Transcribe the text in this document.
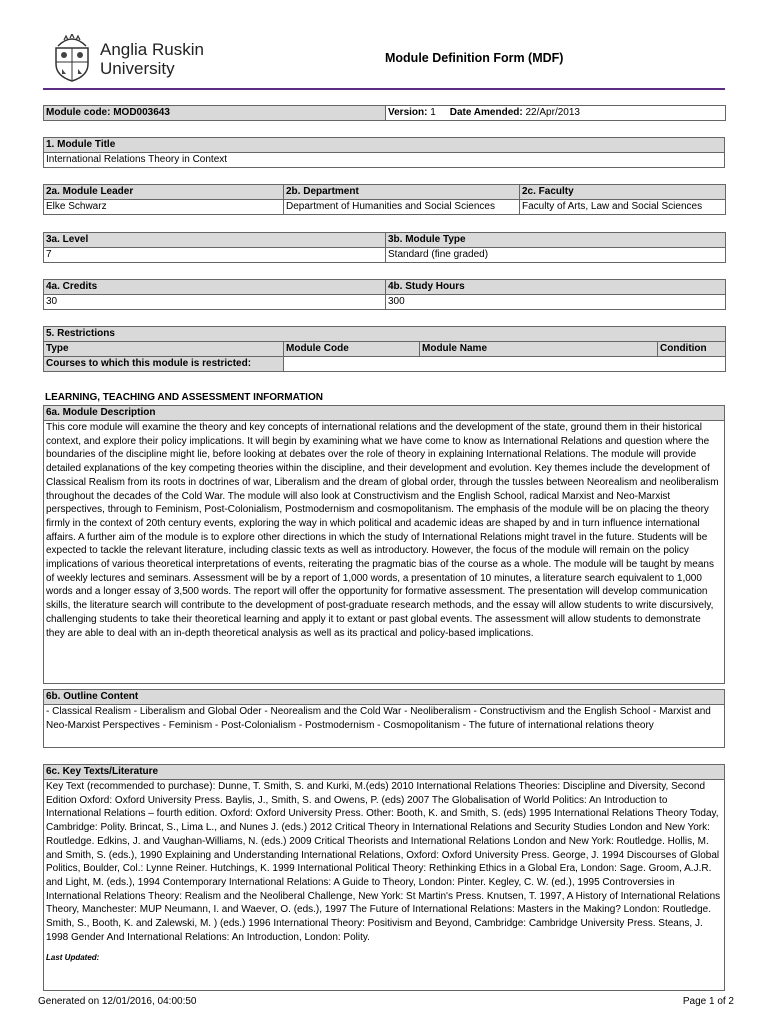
Anglia Ruskin
University
Module Definition Form (MDF)
Module code: MOD003643	Version: 1 Date Amended: 22/Apr/2013
1. Module Title
International Relations Theory in Context
2a. Module Leader	2b. Department	2c. Faculty
Elke Schwarz	Department of Humanities and Social Sciences	Faculty of Arts, Law and Social Sciences
3a. Level	3b. Module Type
7	Standard (fine graded)
4a. Credits	4b. Study Hours
30	300
5. Restrictions			
Type	Module Code	Module Name	Condition
Courses to which this module is restricted:			
LEARNING, TEACHING AND ASSESSMENT INFORMATION
6a. Module Description
This core module will examine the theory and key concepts of international relations and the development of the state, ground them in their historical context, and explore their policy implications. It will begin by examining what we have come to know as International Relations and question where the boundaries of the discipline might lie, before looking at debates over the role of theory in explaining International Relations. The module will provide detailed explanations of the key competing theories within the discipline, and their development and evolution. Key themes include the development of Classical Realism from its roots in doctrines of war, Liberalism and the dream of global order, through the tussles between Neorealism and neoliberalism throughout the decades of the Cold War. The module will also look at Constructivism and the English School, radical Marxist and Neo-Marxist perspectives, through to Feminism, Post-Colonialism, Postmodernism and cosmopolitanism. The emphasis of the module will be on placing the theory firmly in the context of 20th century events, exploring the way in which political and academic ideas are shaped by and in turn influence international affairs. A further aim of the module is to explore other directions in which the study of International Relations might travel in the future. Students will be expected to tackle the relevant literature, including classic texts as well as introductory. However, the focus of the module will remain on the policy implications of various theoretical interpretations of events, reiterating the pragmatic bias of the course as a whole. The module will be taught by means of weekly lectures and seminars. Assessment will be by a report of 1,000 words, a presentation of 10 minutes, a literature search equivalent to 1,000 words and a longer essay of 3,500 words. The report will offer the opportunity for formative assessment. The presentation will develop communication skills, the literature search will contribute to the development of post-graduate research methods, and the essay will allow students to write discursively, challenging students to take their theoretical learning and apply it to extant or past global events. The assessment will allow students to demonstrate they are able to deal with an in-depth theoretical analysis as well as its practical and policy-based implications.
6b. Outline Content
- Classical Realism - Liberalism and Global Oder - Neorealism and the Cold War - Neoliberalism - Constructivism and the English School - Marxist and Neo-Marxist Perspectives - Feminism - Post-Colonialism - Postmodernism - Cosmopolitanism - The future of international relations theory
6c. Key Texts/Literature
Key Text (recommended to purchase): Dunne, T. Smith, S. and Kurki, M.(eds) 2010 International Relations Theories: Discipline and Diversity, Second Edition Oxford: Oxford University Press. Baylis, J., Smith, S. and Owens, P. (eds) 2007 The Globalisation of World Politics: An Introduction to International Relations – fourth edition. Oxford: Oxford University Press. Other: Booth, K. and Smith, S. (eds) 1995 International Relations Theory Today, Cambridge: Polity. Brincat, S., Lima L., and Nunes J. (eds.) 2012 Critical Theory in International Relations and Security Studies London and New York: Routledge. Edkins, J. and Vaughan-Williams, N. (eds.) 2009 Critical Theorists and International Relations London and New York: Routledge. Hollis, M. and Smith, S. (eds.), 1990 Explaining and Understanding International Relations, Oxford: Oxford University Press. George, J. 1994 Discourses of Global Politics, Boulder, Col.: Lynne Reiner. Hutchings, K. 1999 International Political Theory: Rethinking Ethics in a Global Era, London: Sage. Groom, A.J.R. and Light, M. (eds.), 1994 Contemporary International Relations: A Guide to Theory, London: Pinter. Kegley, C. W. (ed.), 1995 Controversies in International Relations Theory: Realism and the Neoliberal Challenge, New York: St Martin's Press. Knutsen, T. 1997, A History of International Relations Theory, Manchester: MUP Neumann, I. and Waever, O. (eds.), 1997 The Future of International Relations: Masters in the Making? London: Routledge. Smith, S., Booth, K. and Zalewski, M. ) (eds.) 1996 International Theory: Positivism and Beyond, Cambridge: Cambridge University Press. Steans, J. 1998 Gender And International Relations: An Introduction, London: Polity.
Last Updated:
Generated on 12/01/2016, 04:00:50	Page 1 of 2
